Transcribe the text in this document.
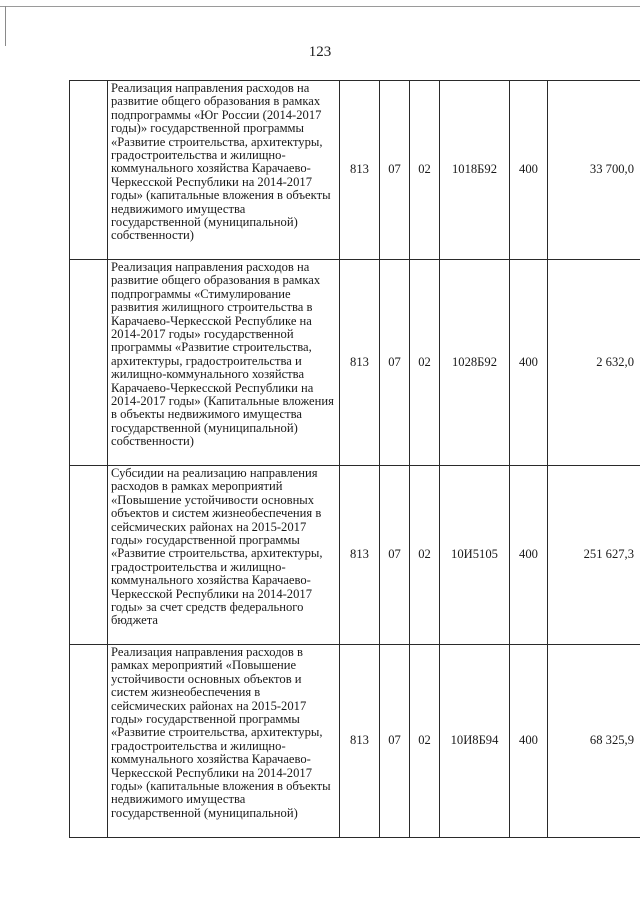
123
	Реализация направления расходов на развитие общего образования в рамках подпрограммы «Юг России (2014-2017 годы)» государственной программы «Развитие строительства, архитектуры, градостроительства и жилищно-коммунального хозяйства Карачаево-Черкесской Республики на 2014-2017 годы» (капитальные вложения в объекты недвижимого имущества государственной (муниципальной) собственности)	813	07	02	1018Б92	400	33 700,0
	Реализация направления расходов на развитие общего образования в рамках подпрограммы «Стимулирование развития жилищного строительства в Карачаево-Черкесской Республике на 2014-2017 годы» государственной программы «Развитие строительства, архитектуры, градостроительства и жилищно-коммунального хозяйства Карачаево-Черкесской Республики на 2014-2017 годы» (Капитальные вложения в объекты недвижимого имущества государственной (муниципальной) собственности)	813	07	02	1028Б92	400	2 632,0
	Субсидии на реализацию направления расходов в рамках мероприятий «Повышение устойчивости основных объектов и систем жизнеобеспечения в сейсмических районах на 2015-2017 годы» государственной программы «Развитие строительства, архитектуры, градостроительства и жилищно-коммунального хозяйства Карачаево-Черкесской Республики на 2014-2017 годы» за счет средств федерального бюджета	813	07	02	10И5105	400	251 627,3
	Реализация направления расходов в рамках мероприятий «Повышение устойчивости основных объектов и систем жизнеобеспечения в сейсмических районах на 2015-2017 годы» государственной программы «Развитие строительства, архитектуры, градостроительства и жилищно-коммунального хозяйства Карачаево-Черкесской Республики на 2014-2017 годы» (капитальные вложения в объекты недвижимого имущества государственной (муниципальной)	813	07	02	10И8Б94	400	68 325,9
